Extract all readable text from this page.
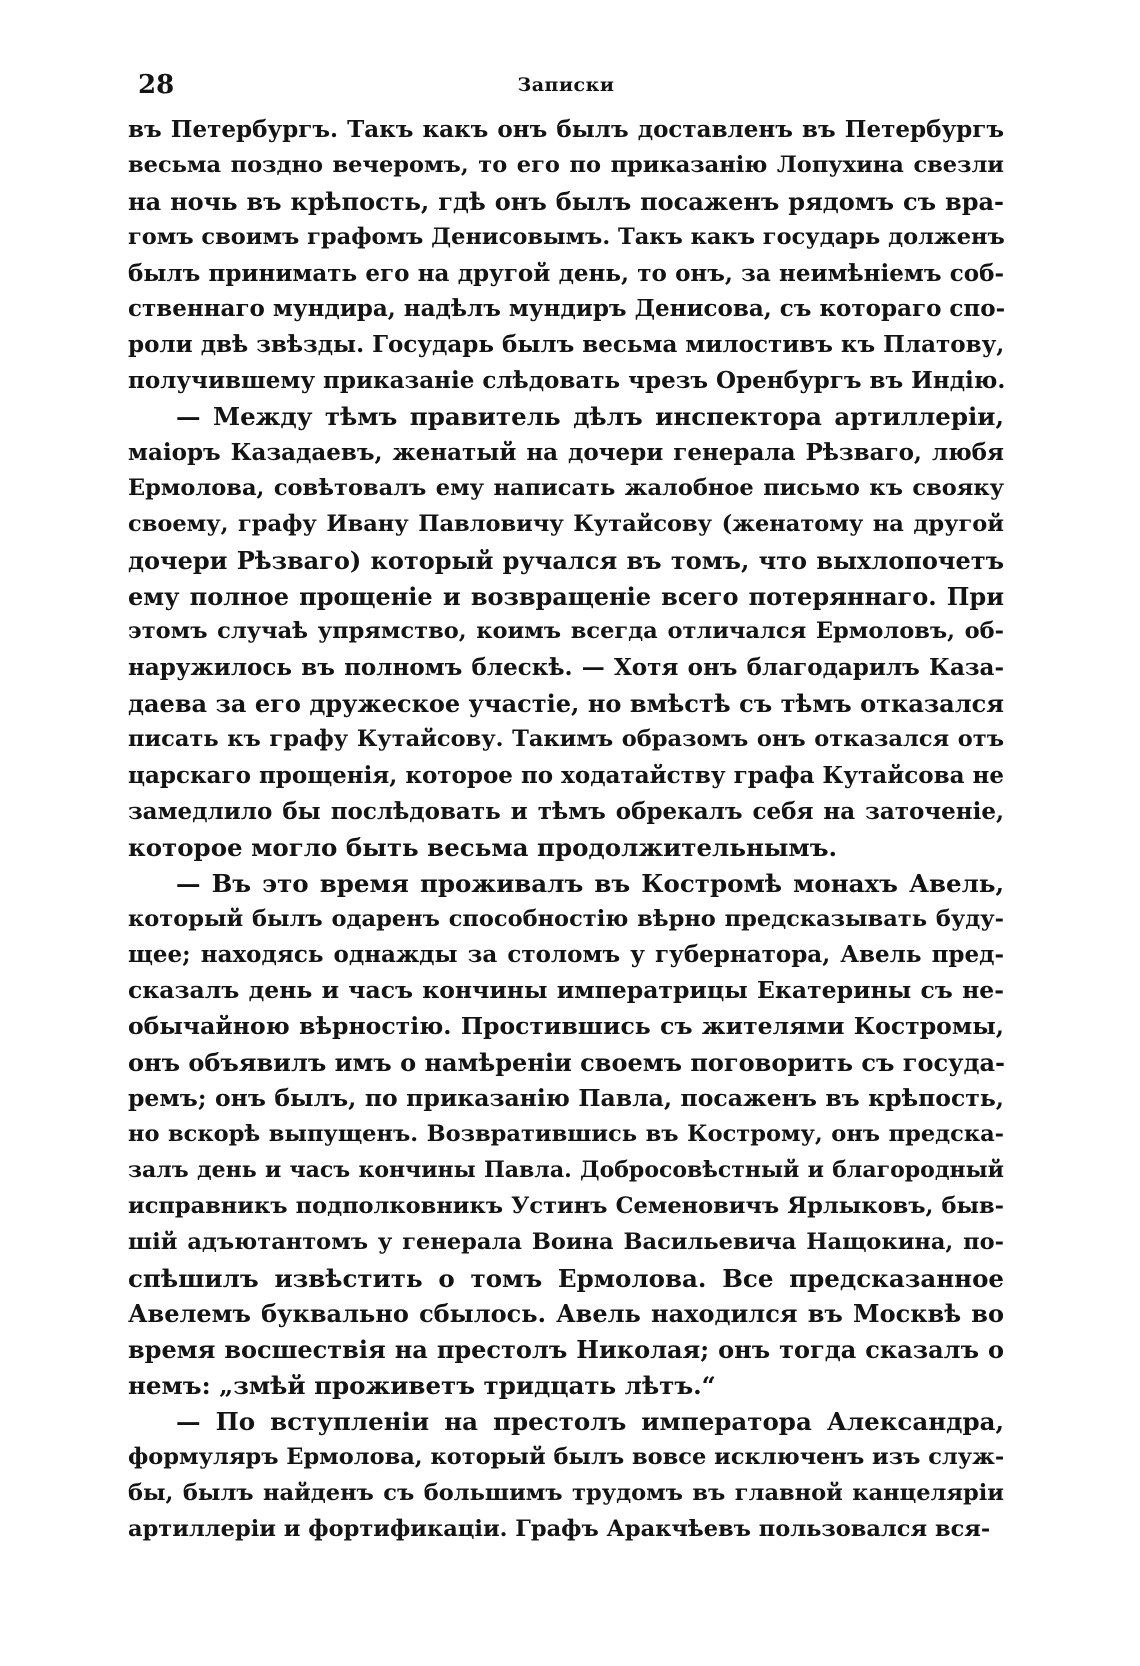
28	Записки
въ Петербургъ. Такъ какъ онъ былъ доставленъ въ Петербургъ
весьма поздно вечеромъ, то его по приказанію Лопухина свезли
на ночь въ крѣпость, гдѣ онъ былъ посаженъ рядомъ съ вра-
гомъ своимъ графомъ Денисовымъ. Такъ какъ государь долженъ
былъ принимать его на другой день, то онъ, за неимѣніемъ соб-
ственнаго мундира, надѣлъ мундиръ Денисова, съ котораго спо-
роли двѣ звѣзды. Государь былъ весьма милостивъ къ Платову,
получившему приказаніе слѣдовать чрезъ Оренбургъ въ Индію.
— Между тѣмъ правитель дѣлъ инспектора артиллеріи,
маіоръ Казадаевъ, женатый на дочери генерала Рѣзваго, любя
Ермолова, совѣтовалъ ему написать жалобное письмо къ свояку
своему, графу Ивану Павловичу Кутайсову (женатому на другой
дочери Рѣзваго) который ручался въ томъ, что выхлопочетъ
ему полное прощеніе и возвращеніе всего потеряннаго. При
этомъ случаѣ упрямство, коимъ всегда отличался Ермоловъ, об-
наружилось въ полномъ блескѣ. — Хотя онъ благодарилъ Каза-
даева за его дружеское участіе, но вмѣстѣ съ тѣмъ отказался
писать къ графу Кутайсову. Такимъ образомъ онъ отказался отъ
царскаго прощенія, которое по ходатайству графа Кутайсова не
замедлило бы послѣдовать и тѣмъ обрекалъ себя на заточеніе,
которое могло быть весьма продолжительнымъ.
— Въ это время проживалъ въ Костромѣ монахъ Авель,
который былъ одаренъ способностію вѣрно предсказывать буду-
щее; находясь однажды за столомъ у губернатора, Авель пред-
сказалъ день и часъ кончины императрицы Екатерины съ не-
обычайною вѣрностію. Простившись съ жителями Костромы,
онъ объявилъ имъ о намѣреніи своемъ поговорить съ госуда-
ремъ; онъ былъ, по приказанію Павла, посаженъ въ крѣпость,
но вскорѣ выпущенъ. Возвратившись въ Кострому, онъ предска-
залъ день и часъ кончины Павла. Добросовѣстный и благородный
исправникъ подполковникъ Устинъ Семеновичъ Ярлыковъ, быв-
шій адъютантомъ у генерала Воина Васильевича Нащокина, по-
спѣшилъ извѣстить о томъ Ермолова. Все предсказанное
Авелемъ буквально сбылось. Авель находился въ Москвѣ во
время восшествія на престолъ Николая; онъ тогда сказалъ о
немъ: „змѣй проживетъ тридцать лѣтъ.“
— По вступленіи на престолъ императора Александра,
формуляръ Ермолова, который былъ вовсе исключенъ изъ служ-
бы, былъ найденъ съ большимъ трудомъ въ главной канцеляріи
артиллеріи и фортификаціи. Графъ Аракчѣевъ пользовался вся-
